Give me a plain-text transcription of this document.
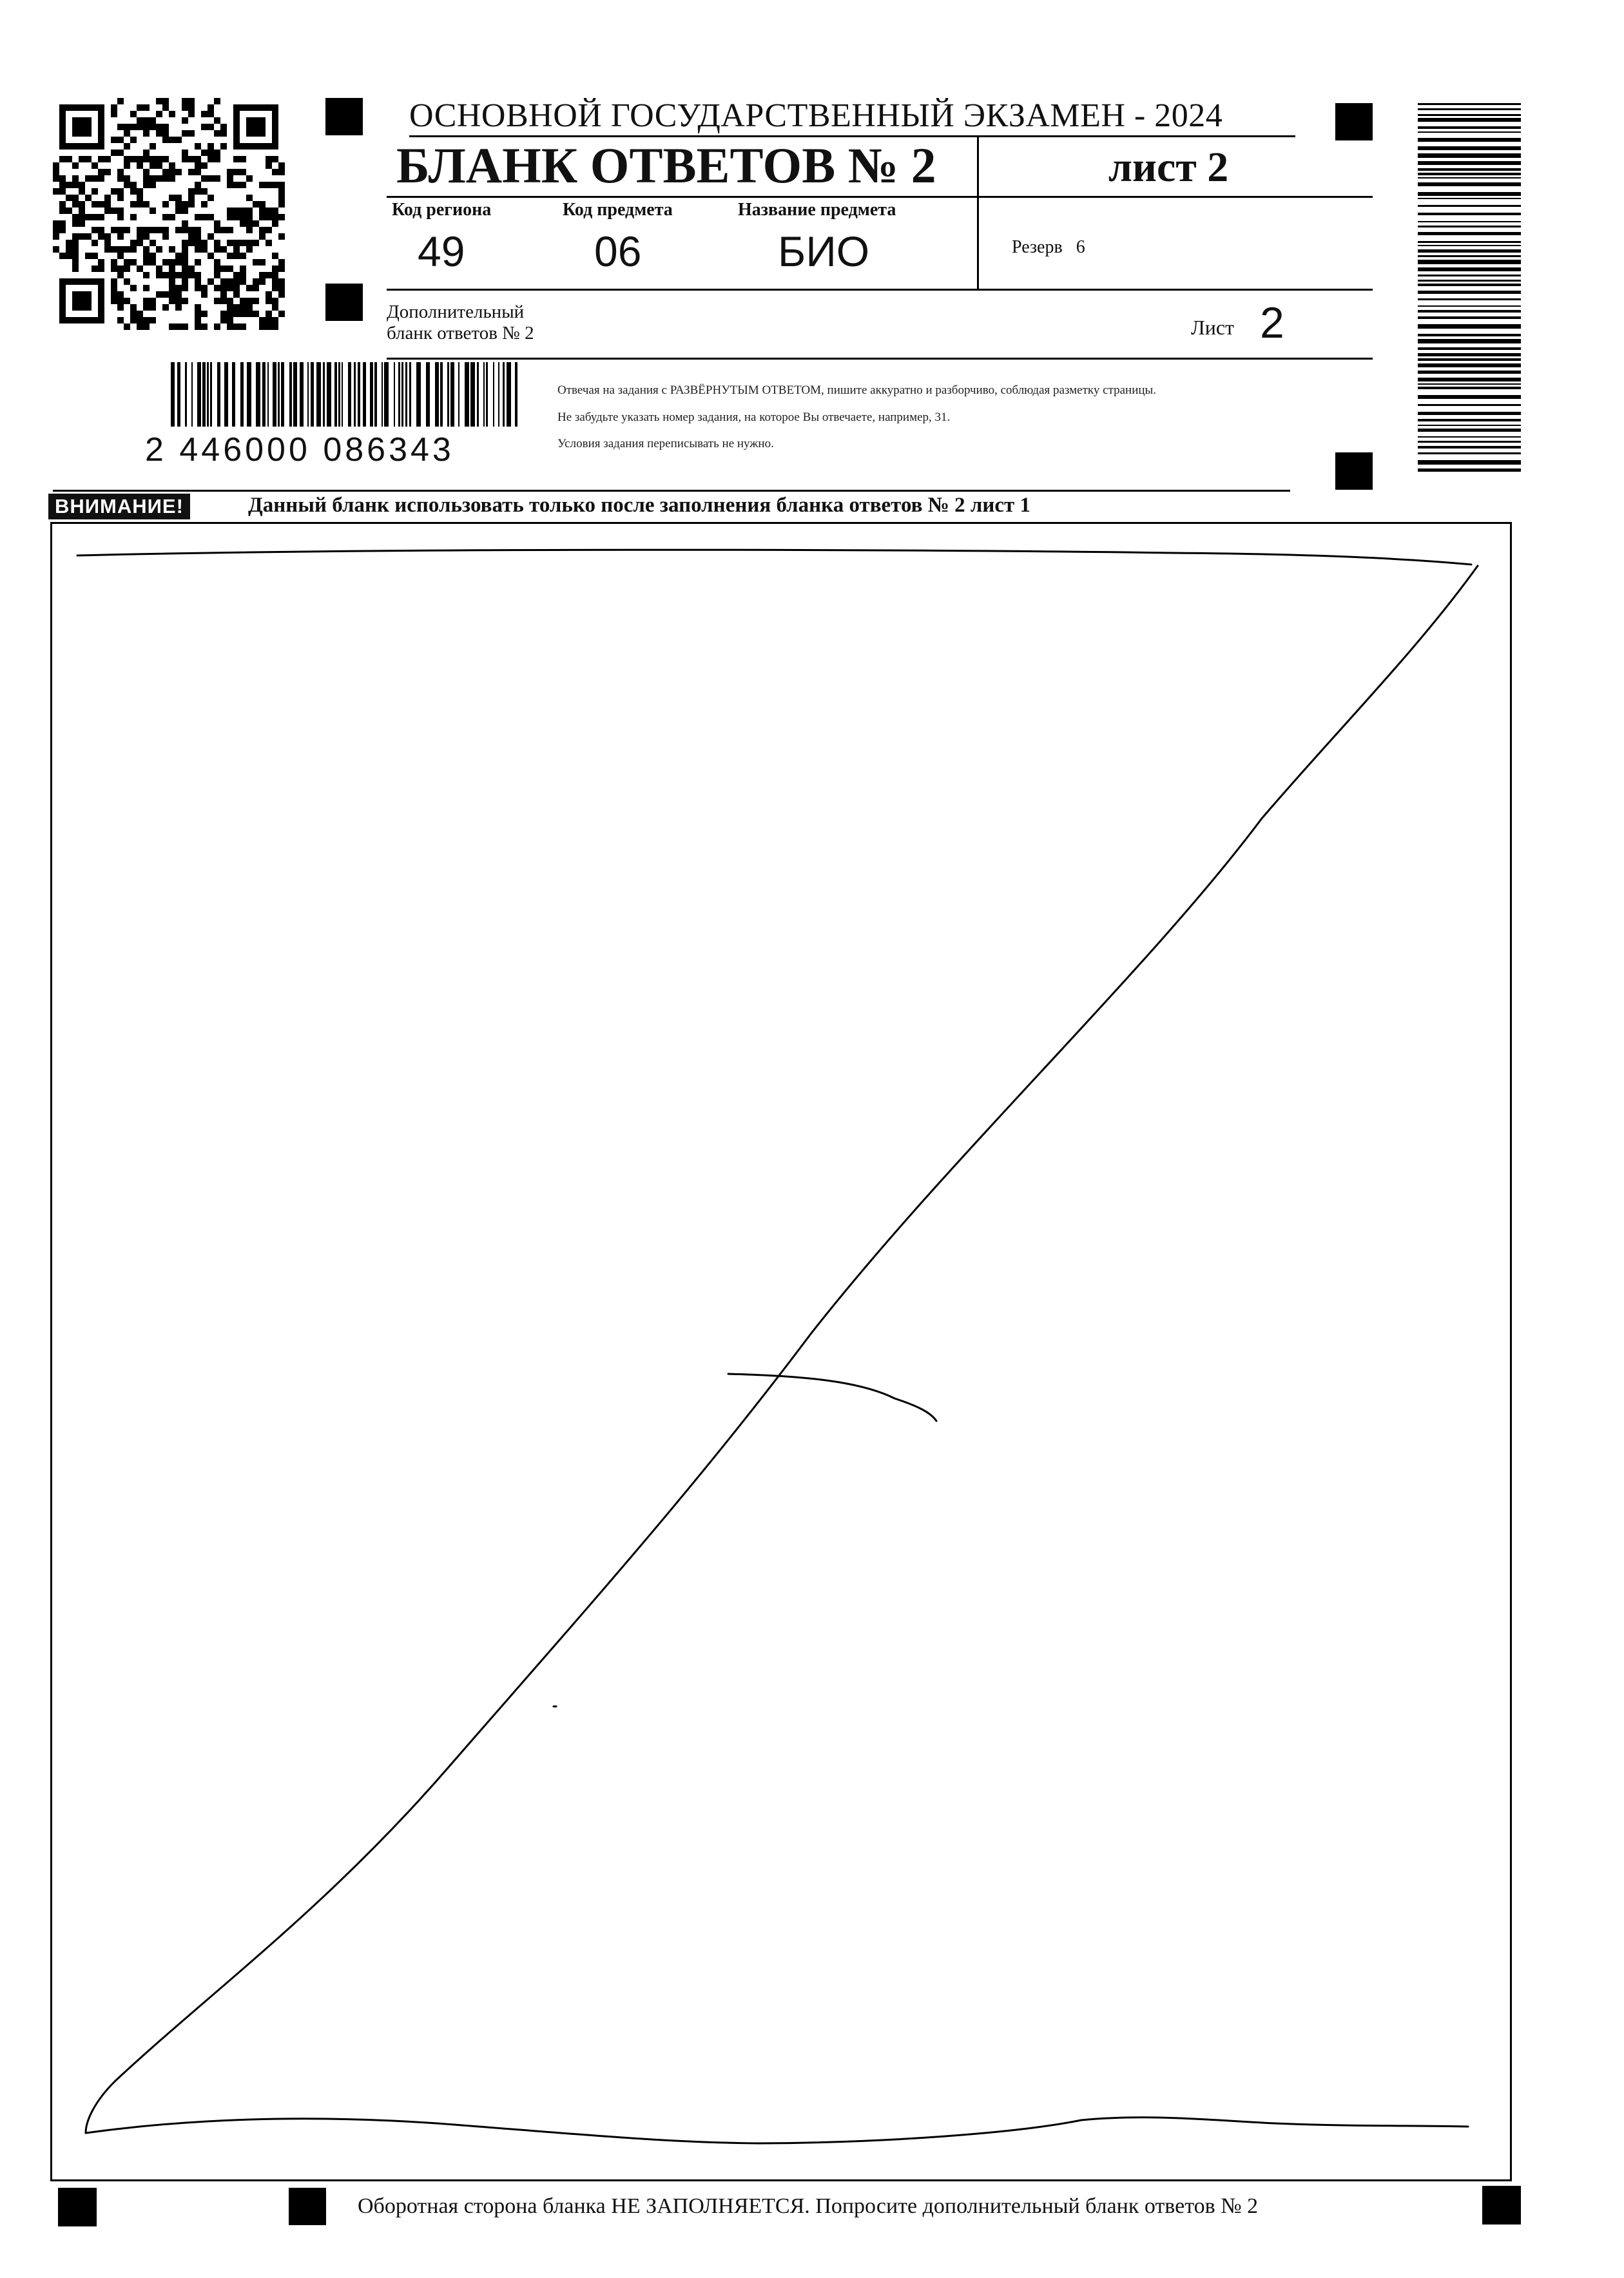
ОСНОВНОЙ ГОСУДАРСТВЕННЫЙ ЭКЗАМЕН - 2024
БЛАНК ОТВЕТОВ № 2	лист 2
Код региона
49
Код предмета
06
Название предмета
БИО	Резерв 6
Дополнительный
бланк ответов № 2	Лист 2
2 446000 086343
Отвечая на задания с РАЗВЁРНУТЫМ ОТВЕТОМ, пишите аккуратно и разборчиво, соблюдая разметку страницы.
Не забудьте указать номер задания, на которое Вы отвечаете, например, 31.
Условия задания переписывать не нужно.
ВНИМАНИЕ!	Данный бланк использовать только после заполнения бланка ответов № 2 лист 1
Оборотная сторона бланка НЕ ЗАПОЛНЯЕТСЯ. Попросите дополнительный бланк ответов № 2
